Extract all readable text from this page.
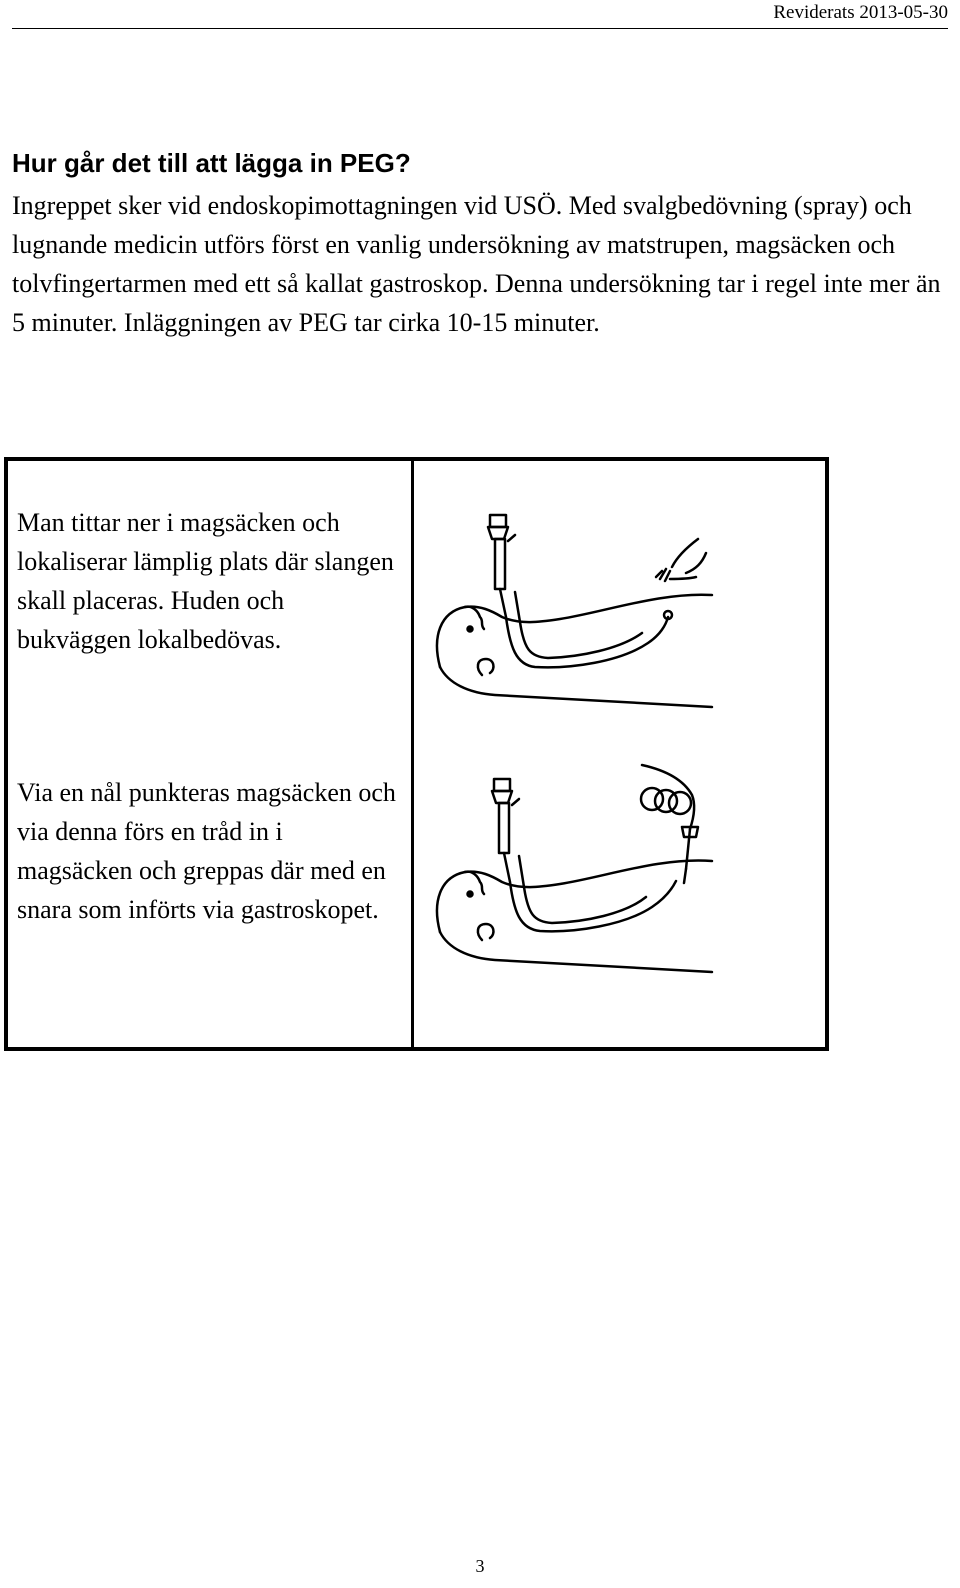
Reviderats 2013-05-30
Hur går det till att lägga in PEG?

Ingreppet sker vid endoskopimottagningen vid USÖ. Med svalgbedövning (spray) och lugnande medicin utförs först en vanlig undersökning av matstrupen, magsäcken och tolvfingertarmen med ett så kallat gastroskop. Denna undersökning tar i regel inte mer än 5 minuter. Inläggningen av PEG tar cirka 10-15 minuter.

Man tittar ner i magsäcken och lokaliserar lämplig plats där slangen skall placeras. Huden och bukväggen lokalbedövas.

Via en nål punkteras magsäcken och via denna förs en tråd in i magsäcken och greppas där med en snara som införts via gastroskopet.

3
